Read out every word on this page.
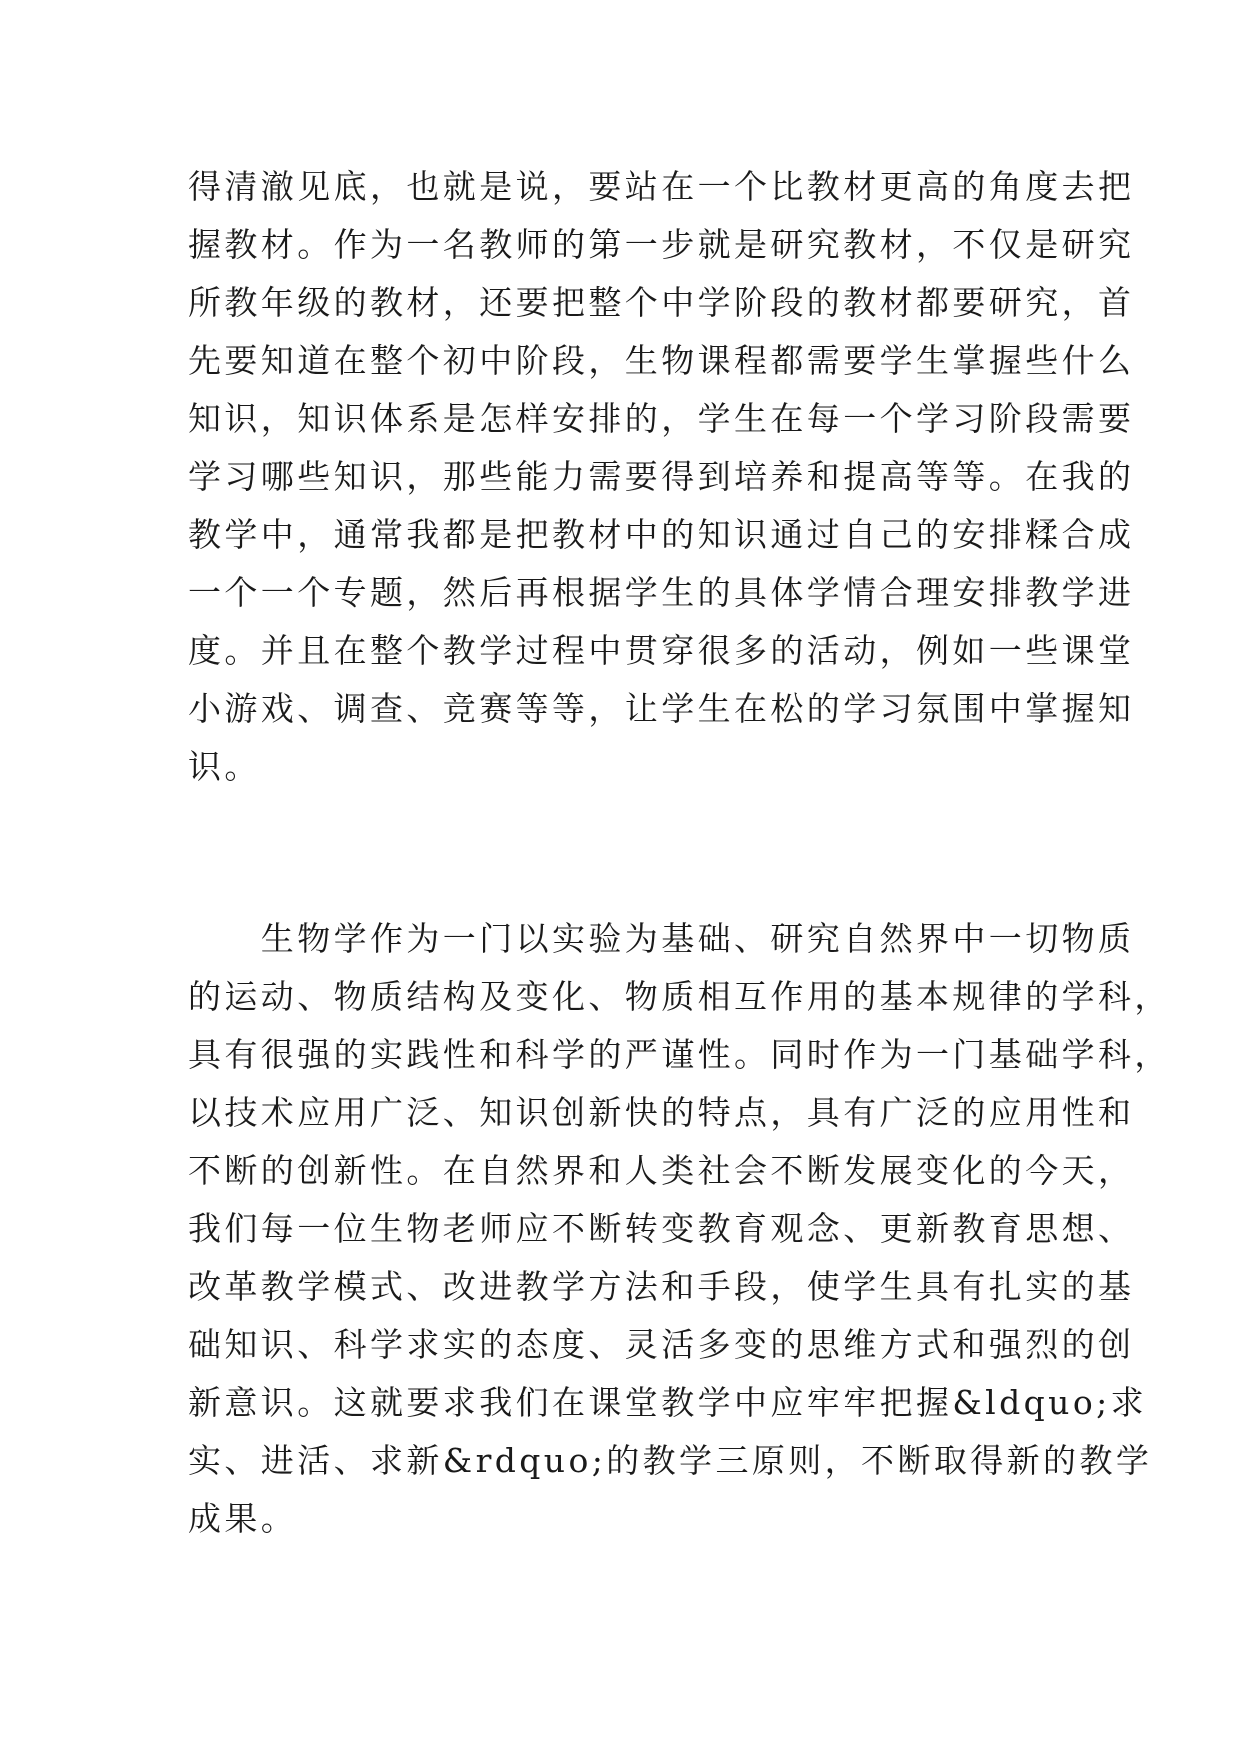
得清澈见底，也就是说，要站在一个比教材更高的角度去把
握教材。作为一名教师的第一步就是研究教材，不仅是研究
所教年级的教材，还要把整个中学阶段的教材都要研究，首
先要知道在整个初中阶段，生物课程都需要学生掌握些什么
知识，知识体系是怎样安排的，学生在每一个学习阶段需要
学习哪些知识，那些能力需要得到培养和提高等等。在我的
教学中，通常我都是把教材中的知识通过自己的安排糅合成
一个一个专题，然后再根据学生的具体学情合理安排教学进
度。并且在整个教学过程中贯穿很多的活动，例如一些课堂
小游戏、调查、竞赛等等，让学生在松的学习氛围中掌握知
识。
　　生物学作为一门以实验为基础、研究自然界中一切物质
的运动、物质结构及变化、物质相互作用的基本规律的学科，
具有很强的实践性和科学的严谨性。同时作为一门基础学科，
以技术应用广泛、知识创新快的特点，具有广泛的应用性和
不断的创新性。在自然界和人类社会不断发展变化的今天，
我们每一位生物老师应不断转变教育观念、更新教育思想、
改革教学模式、改进教学方法和手段，使学生具有扎实的基
础知识、科学求实的态度、灵活多变的思维方式和强烈的创
新意识。这就要求我们在课堂教学中应牢牢把握&ldquo;求
实、进活、求新&rdquo;的教学三原则，不断取得新的教学
成果。
